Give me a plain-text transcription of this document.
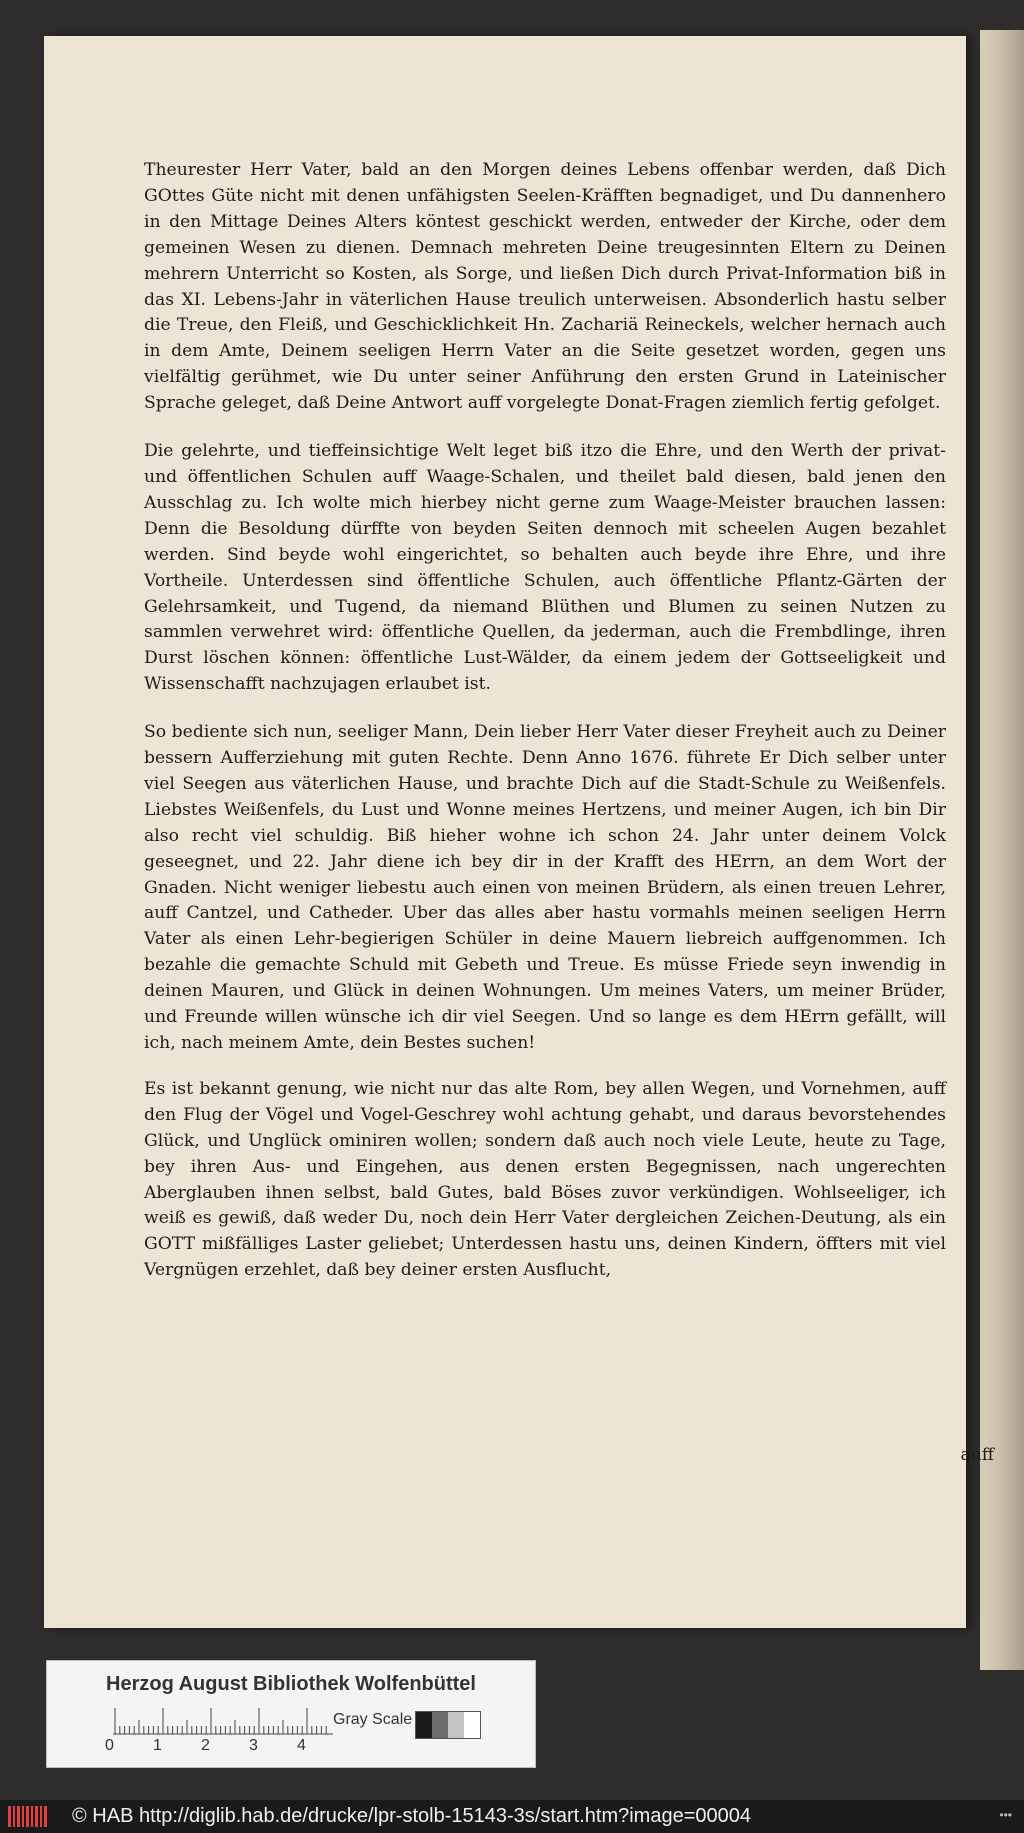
Theurester Herr Vater, bald an den Morgen deines Lebens offenbar werden, daß Dich GOttes Güte nicht mit denen unfähigsten Seelen-Kräfften begnadiget, und Du dannenhero in den Mittage Deines Alters köntest geschickt werden, entweder der Kirche, oder dem gemeinen Wesen zu dienen. Demnach mehreten Deine treugesinnten Eltern zu Deinen mehrern Unterricht so Kosten, als Sorge, und ließen Dich durch Privat-Information biß in das XI. Lebens-Jahr in väterlichen Hause treulich unterweisen. Absonderlich hastu selber die Treue, den Fleiß, und Geschicklichkeit Hn. Zachariä Reineckels, welcher hernach auch in dem Amte, Deinem seeligen Herrn Vater an die Seite gesetzet worden, gegen uns vielfältig gerühmet, wie Du unter seiner Anführung den ersten Grund in Lateinischer Sprache geleget, daß Deine Antwort auff vorgelegte Donat-Fragen ziemlich fertig gefolget.

Die gelehrte, und tieffeinsichtige Welt leget biß itzo die Ehre, und den Werth der privat- und öffentlichen Schulen auff Waage-Schalen, und theilet bald diesen, bald jenen den Ausschlag zu. Ich wolte mich hierbey nicht gerne zum Waage-Meister brauchen lassen: Denn die Besoldung dürffte von beyden Seiten dennoch mit scheelen Augen bezahlet werden. Sind beyde wohl eingerichtet, so behalten auch beyde ihre Ehre, und ihre Vortheile. Unterdessen sind öffentliche Schulen, auch öffentliche Pflantz-Gärten der Gelehrsamkeit, und Tugend, da niemand Blüthen und Blumen zu seinen Nutzen zu sammlen verwehret wird: öffentliche Quellen, da jederman, auch die Frembdlinge, ihren Durst löschen können: öffentliche Lust-Wälder, da einem jedem der Gottseeligkeit und Wissenschafft nachzujagen erlaubet ist.

So bediente sich nun, seeliger Mann, Dein lieber Herr Vater dieser Freyheit auch zu Deiner bessern Aufferziehung mit guten Rechte. Denn Anno 1676. führete Er Dich selber unter viel Seegen aus väterlichen Hause, und brachte Dich auf die Stadt-Schule zu Weißenfels. Liebstes Weißenfels, du Lust und Wonne meines Hertzens, und meiner Augen, ich bin Dir also recht viel schuldig. Biß hieher wohne ich schon 24. Jahr unter deinem Volck geseegnet, und 22. Jahr diene ich bey dir in der Krafft des HErrn, an dem Wort der Gnaden. Nicht weniger liebestu auch einen von meinen Brüdern, als einen treuen Lehrer, auff Cantzel, und Catheder. Uber das alles aber hastu vormahls meinen seeligen Herrn Vater als einen Lehr-begierigen Schüler in deine Mauern liebreich auffgenommen. Ich bezahle die gemachte Schuld mit Gebeth und Treue. Es müsse Friede seyn inwendig in deinen Mauren, und Glück in deinen Wohnungen. Um meines Vaters, um meiner Brüder, und Freunde willen wünsche ich dir viel Seegen. Und so lange es dem HErrn gefällt, will ich, nach meinem Amte, dein Bestes suchen!

Es ist bekannt genung, wie nicht nur das alte Rom, bey allen Wegen, und Vornehmen, auff den Flug der Vögel und Vogel-Geschrey wohl achtung gehabt, und daraus bevorstehendes Glück, und Unglück ominiren wollen; sondern daß auch noch viele Leute, heute zu Tage, bey ihren Aus- und Eingehen, aus denen ersten Begegnissen, nach ungerechten Aberglauben ihnen selbst, bald Gutes, bald Böses zuvor verkündigen. Wohlseeliger, ich weiß es gewiß, daß weder Du, noch dein Herr Vater dergleichen Zeichen-Deutung, als ein GOTT mißfälliges Laster geliebet; Unterdessen hastu uns, deinen Kindern, öffters mit viel Vergnügen erzehlet, daß bey deiner ersten Ausflucht,

auff
Herzog August Bibliothek Wolfenbüttel
0 1 2 3 4
Gray Scale
© HAB http://diglib.hab.de/drucke/lpr-stolb-15143-3s/start.htm?image=00004	•••
